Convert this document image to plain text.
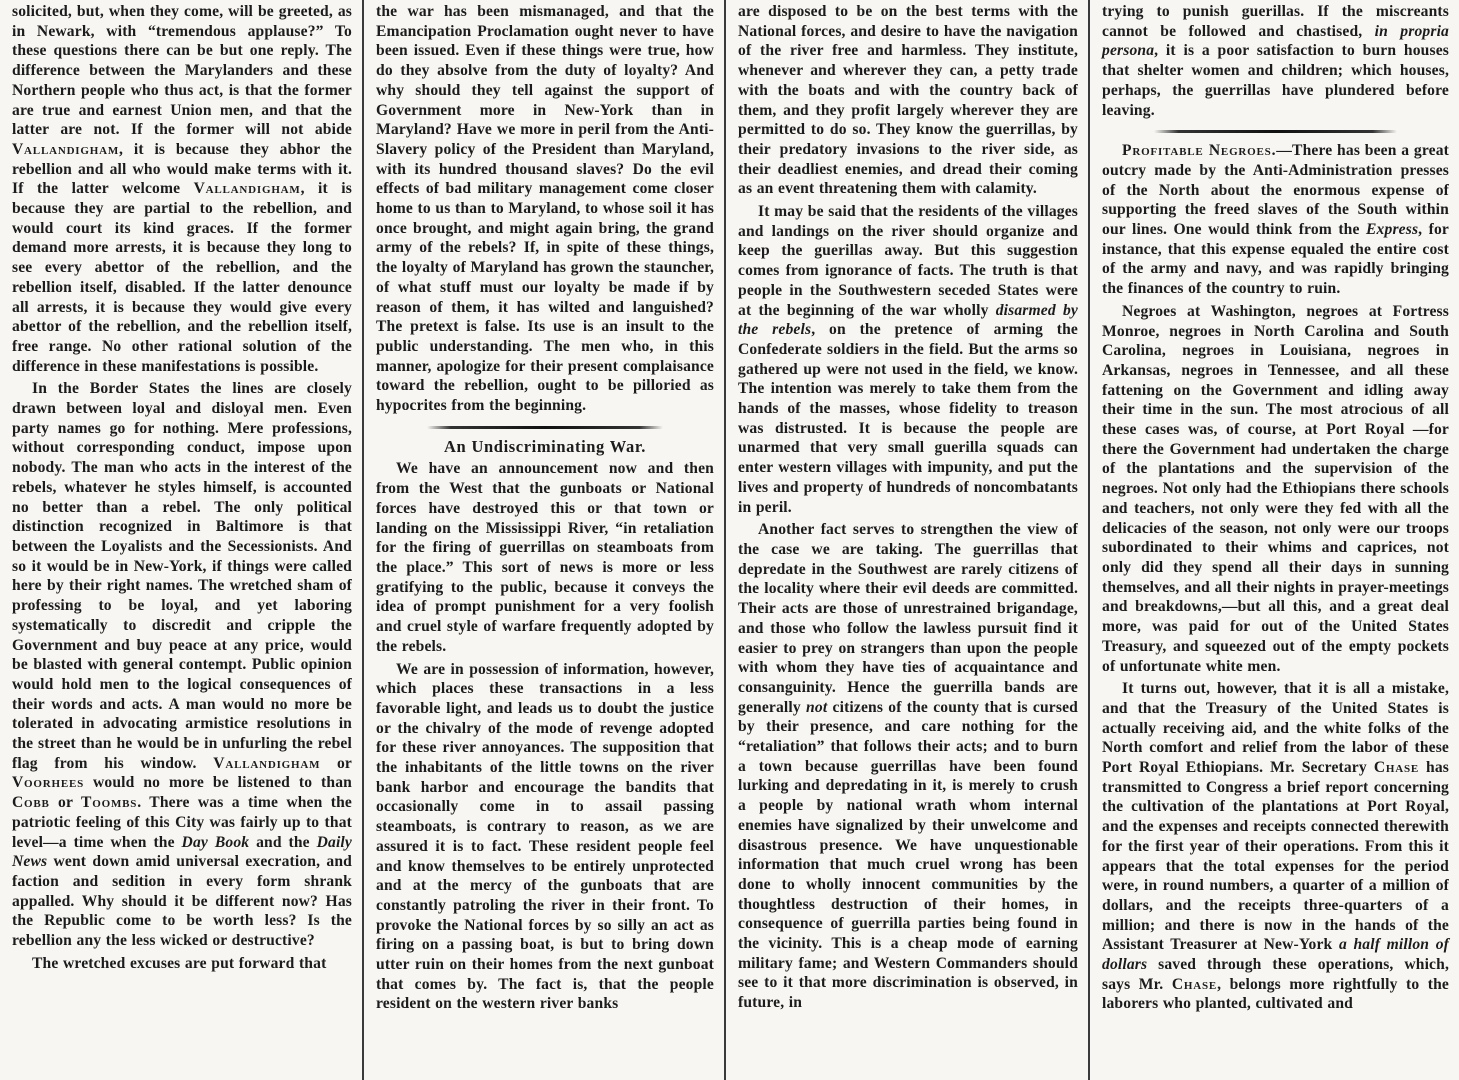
solicited, but, when they come, will be greeted, as in Newark, with “tremendous applause?” To these questions there can be but one reply. The difference between the Marylanders and these Northern people who thus act, is that the former are true and earnest Union men, and that the latter are not. If the former will not abide Vallandigham, it is because they abhor the rebellion and all who would make terms with it. If the latter welcome Vallandigham, it is because they are partial to the rebellion, and would court its kind graces. If the former demand more arrests, it is because they long to see every abettor of the rebellion, and the rebellion itself, disabled. If the latter denounce all arrests, it is because they would give every abettor of the rebellion, and the rebellion itself, free range. No other rational solution of the difference in these manifestations is possible.

In the Border States the lines are closely drawn between loyal and disloyal men. Even party names go for nothing. Mere professions, without corresponding conduct, impose upon nobody. The man who acts in the interest of the rebels, whatever he styles himself, is accounted no better than a rebel. The only political distinction recognized in Baltimore is that between the Loyalists and the Secessionists. And so it would be in New-York, if things were called here by their right names. The wretched sham of professing to be loyal, and yet laboring systematically to discredit and cripple the Government and buy peace at any price, would be blasted with general contempt. Public opinion would hold men to the logical consequences of their words and acts. A man would no more be tolerated in advocating armistice resolutions in the street than he would be in unfurling the rebel flag from his window. Vallandigham or Voorhees would no more be listened to than Cobb or Toombs. There was a time when the patriotic feeling of this City was fairly up to that level—a time when the Day Book and the Daily News went down amid universal execration, and faction and sedition in every form shrank appalled. Why should it be different now? Has the Republic come to be worth less? Is the rebellion any the less wicked or destructive?

The wretched excuses are put forward that

the war has been mismanaged, and that the Emancipation Proclamation ought never to have been issued. Even if these things were true, how do they absolve from the duty of loyalty? And why should they tell against the support of Government more in New-York than in Maryland? Have we more in peril from the Anti-Slavery policy of the President than Maryland, with its hundred thousand slaves? Do the evil effects of bad military management come closer home to us than to Maryland, to whose soil it has once brought, and might again bring, the grand army of the rebels? If, in spite of these things, the loyalty of Maryland has grown the stauncher, of what stuff must our loyalty be made if by reason of them, it has wilted and languished? The pretext is false. Its use is an insult to the public understanding. The men who, in this manner, apologize for their present complaisance toward the rebellion, ought to be pilloried as hypocrites from the beginning.

An Undiscriminating War.

We have an announcement now and then from the West that the gunboats or National forces have destroyed this or that town or landing on the Mississippi River, “in retaliation for the firing of guerrillas on steamboats from the place.” This sort of news is more or less gratifying to the public, because it conveys the idea of prompt punishment for a very foolish and cruel style of warfare frequently adopted by the rebels.

We are in possession of information, however, which places these transactions in a less favorable light, and leads us to doubt the justice or the chivalry of the mode of revenge adopted for these river annoyances. The supposition that the inhabitants of the little towns on the river bank harbor and encourage the bandits that occasionally come in to assail passing steamboats, is contrary to reason, as we are assured it is to fact. These resident people feel and know themselves to be entirely unprotected and at the mercy of the gunboats that are constantly patroling the river in their front. To provoke the National forces by so silly an act as firing on a passing boat, is but to bring down utter ruin on their homes from the next gunboat that comes by. The fact is, that the people resident on the western river banks

are disposed to be on the best terms with the National forces, and desire to have the navigation of the river free and harmless. They institute, whenever and wherever they can, a petty trade with the boats and with the country back of them, and they profit largely wherever they are permitted to do so. They know the guerrillas, by their predatory invasions to the river side, as their deadliest enemies, and dread their coming as an event threatening them with calamity.

It may be said that the residents of the villages and landings on the river should organize and keep the guerillas away. But this suggestion comes from ignorance of facts. The truth is that people in the Southwestern seceded States were at the beginning of the war wholly disarmed by the rebels, on the pretence of arming the Confederate soldiers in the field. But the arms so gathered up were not used in the field, we know. The intention was merely to take them from the hands of the masses, whose fidelity to treason was distrusted. It is because the people are unarmed that very small guerilla squads can enter western villages with impunity, and put the lives and property of hundreds of noncombatants in peril.

Another fact serves to strengthen the view of the case we are taking. The guerrillas that depredate in the Southwest are rarely citizens of the locality where their evil deeds are committed. Their acts are those of unrestrained brigandage, and those who follow the lawless pursuit find it easier to prey on strangers than upon the people with whom they have ties of acquaintance and consanguinity. Hence the guerrilla bands are generally not citizens of the county that is cursed by their presence, and care nothing for the “retaliation” that follows their acts; and to burn a town because guerrillas have been found lurking and depredating in it, is merely to crush a people by national wrath whom internal enemies have signalized by their unwelcome and disastrous presence. We have unquestionable information that much cruel wrong has been done to wholly innocent communities by the thoughtless destruction of their homes, in consequence of guerrilla parties being found in the vicinity. This is a cheap mode of earning military fame; and Western Commanders should see to it that more discrimination is observed, in future, in

trying to punish guerillas. If the miscreants cannot be followed and chastised, in propria persona, it is a poor satisfaction to burn houses that shelter women and children; which houses, perhaps, the guerrillas have plundered before leaving.

Profitable Negroes.—There has been a great outcry made by the Anti-Administration presses of the North about the enormous expense of supporting the freed slaves of the South within our lines. One would think from the Express, for instance, that this expense equaled the entire cost of the army and navy, and was rapidly bringing the finances of the country to ruin.

Negroes at Washington, negroes at Fortress Monroe, negroes in North Carolina and South Carolina, negroes in Louisiana, negroes in Arkansas, negroes in Tennessee, and all these fattening on the Government and idling away their time in the sun. The most atrocious of all these cases was, of course, at Port Royal —for there the Government had undertaken the charge of the plantations and the supervision of the negroes. Not only had the Ethiopians there schools and teachers, not only were they fed with all the delicacies of the season, not only were our troops subordinated to their whims and caprices, not only did they spend all their days in sunning themselves, and all their nights in prayer-meetings and breakdowns,—but all this, and a great deal more, was paid for out of the United States Treasury, and squeezed out of the empty pockets of unfortunate white men.

It turns out, however, that it is all a mistake, and that the Treasury of the United States is actually receiving aid, and the white folks of the North comfort and relief from the labor of these Port Royal Ethiopians. Mr. Secretary Chase has transmitted to Congress a brief report concerning the cultivation of the plantations at Port Royal, and the expenses and receipts connected therewith for the first year of their operations. From this it appears that the total expenses for the period were, in round numbers, a quarter of a million of dollars, and the receipts three-quarters of a million; and there is now in the hands of the Assistant Treasurer at New-York a half millon of dollars saved through these operations, which, says Mr. Chase, belongs more rightfully to the laborers who planted, cultivated and
